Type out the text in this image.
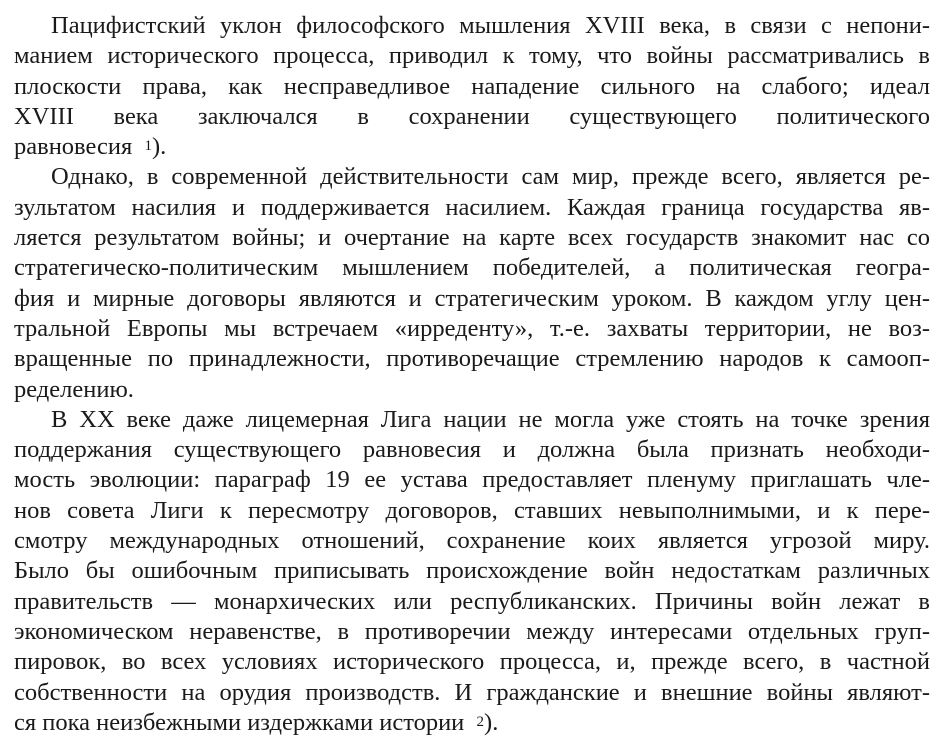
Пацифистский уклон философского мышления XVIII века, в связи с непони-
манием исторического процесса, приводил к тому, что войны рассматривались в
плоскости права, как несправедливое нападение сильного на слабого; идеал
XVIII века заключался в сохранении существующего политического
равновесия $^1$).
Однако, в современной действительности сам мир, прежде всего, является ре-
зультатом насилия и поддерживается насилием. Каждая граница государства яв-
ляется результатом войны; и очертание на карте всех государств знакомит нас со
стратегическо-политическим мышлением победителей, а политическая геогра-
фия и мирные договоры являются и стратегическим уроком. В каждом углу цен-
тральной Европы мы встречаем «ирреденту», т.-е. захваты территории, не воз-
вращенные по принадлежности, противоречащие стремлению народов к самооп-
ределению.
В XX веке даже лицемерная Лига нации не могла уже стоять на точке зрения
поддержания существующего равновесия и должна была признать необходи-
мость эволюции: параграф 19 ее устава предоставляет пленуму приглашать чле-
нов совета Лиги к пересмотру договоров, ставших невыполнимыми, и к пере-
смотру международных отношений, сохранение коих является угрозой миру.
Было бы ошибочным приписывать происхождение войн недостаткам различных
правительств — монархических или республиканских. Причины войн лежат в
экономическом неравенстве, в противоречии между интересами отдельных груп-
пировок, во всех условиях исторического процесса, и, прежде всего, в частной
собственности на орудия производств. И гражданские и внешние войны являют-
ся пока неизбежными издержками истории $^2$).
